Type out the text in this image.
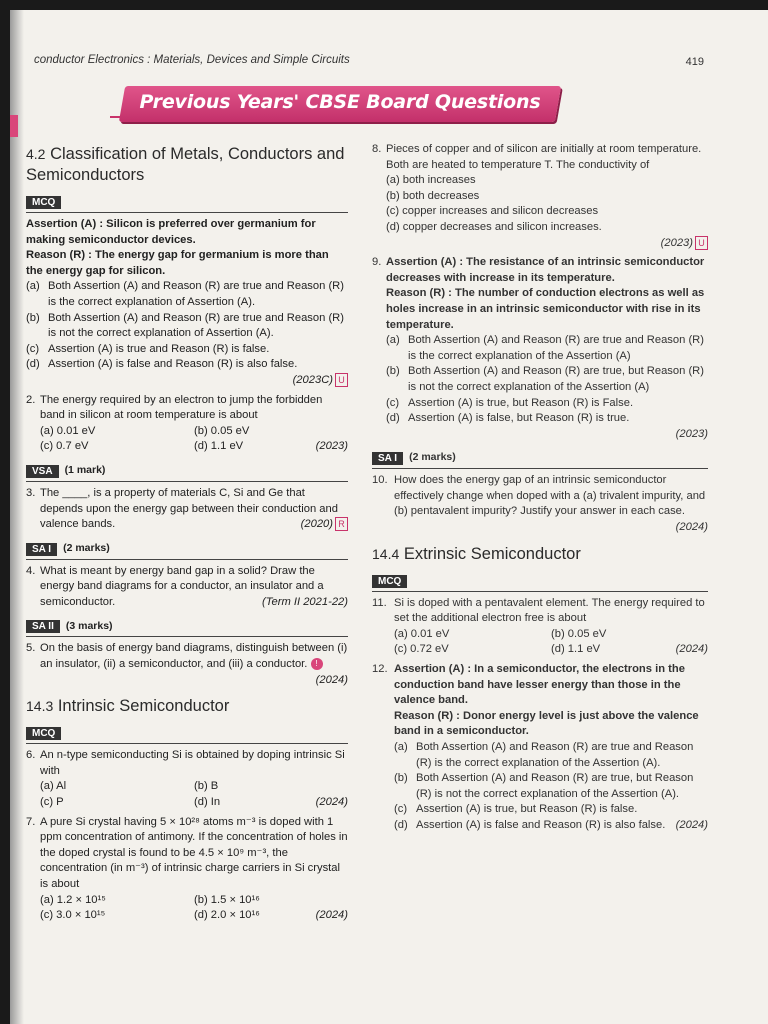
conductor Electronics : Materials, Devices and Simple Circuits	419
Previous Years' CBSE Board Questions
4.2 Classification of Metals, Conductors and Semiconductors
MCQ
Assertion (A) : Silicon is preferred over germanium for making semiconductor devices.
Reason (R) : The energy gap for germanium is more than the energy gap for silicon.
(a) Both Assertion (A) and Reason (R) are true and Reason (R) is the correct explanation of Assertion (A).
(b) Both Assertion (A) and Reason (R) are true and Reason (R) is not the correct explanation of Assertion (A).
(c) Assertion (A) is true and Reason (R) is false.
(d) Assertion (A) is false and Reason (R) is also false.
(2023C) U
2. The energy required by an electron to jump the forbidden band in silicon at room temperature is about
(a) 0.01 eV	(b) 0.05 eV
(c) 0.7 eV	(d) 1.1 eV	(2023)
VSA	(1 mark)
3. The ____, is a property of materials C, Si and Ge that depends upon the energy gap between their conduction and valence bands.	(2020) R
SA I	(2 marks)
4. What is meant by energy band gap in a solid? Draw the energy band diagrams for a conductor, an insulator and a semiconductor.	(Term II 2021-22)
SA II	(3 marks)
5. On the basis of energy band diagrams, distinguish between (i) an insulator, (ii) a semiconductor, and (iii) a conductor. !
(2024)
14.3 Intrinsic Semiconductor
MCQ
6. An n-type semiconducting Si is obtained by doping intrinsic Si with
(a) Al	(b) B
(c) P	(d) In	(2024)
7. A pure Si crystal having 5 × 10²⁸ atoms m⁻³ is doped with 1 ppm concentration of antimony. If the concentration of holes in the doped crystal is found to be 4.5 × 10⁹ m⁻³, the concentration (in m⁻³) of intrinsic charge carriers in Si crystal is about
(a) 1.2 × 10¹⁵	(b) 1.5 × 10¹⁶
(c) 3.0 × 10¹⁵	(d) 2.0 × 10¹⁶	(2024)
8. Pieces of copper and of silicon are initially at room temperature. Both are heated to temperature T. The conductivity of
(a) both increases
(b) both decreases
(c) copper increases and silicon decreases
(d) copper decreases and silicon increases.
(2023) U
9. Assertion (A) : The resistance of an intrinsic semiconductor decreases with increase in its temperature.
Reason (R) : The number of conduction electrons as well as holes increase in an intrinsic semiconductor with rise in its temperature.
(a) Both Assertion (A) and Reason (R) are true and Reason (R) is the correct explanation of the Assertion (A)
(b) Both Assertion (A) and Reason (R) are true, but Reason (R) is not the correct explanation of the Assertion (A)
(c) Assertion (A) is true, but Reason (R) is False.
(d) Assertion (A) is false, but Reason (R) is true.
(2023)
SA I	(2 marks)
10. How does the energy gap of an intrinsic semiconductor effectively change when doped with a (a) trivalent impurity, and (b) pentavalent impurity? Justify your answer in each case.
(2024)
14.4 Extrinsic Semiconductor
MCQ
11. Si is doped with a pentavalent element. The energy required to set the additional electron free is about
(a) 0.01 eV	(b) 0.05 eV
(c) 0.72 eV	(d) 1.1 eV	(2024)
12. Assertion (A) : In a semiconductor, the electrons in the conduction band have lesser energy than those in the valence band.
Reason (R) : Donor energy level is just above the valence band in a semiconductor.
(a) Both Assertion (A) and Reason (R) are true and Reason (R) is the correct explanation of the Assertion (A).
(b) Both Assertion (A) and Reason (R) are true, but Reason (R) is not the correct explanation of the Assertion (A).
(c) Assertion (A) is true, but Reason (R) is false.
(d) Assertion (A) is false and Reason (R) is also false. (2024)
